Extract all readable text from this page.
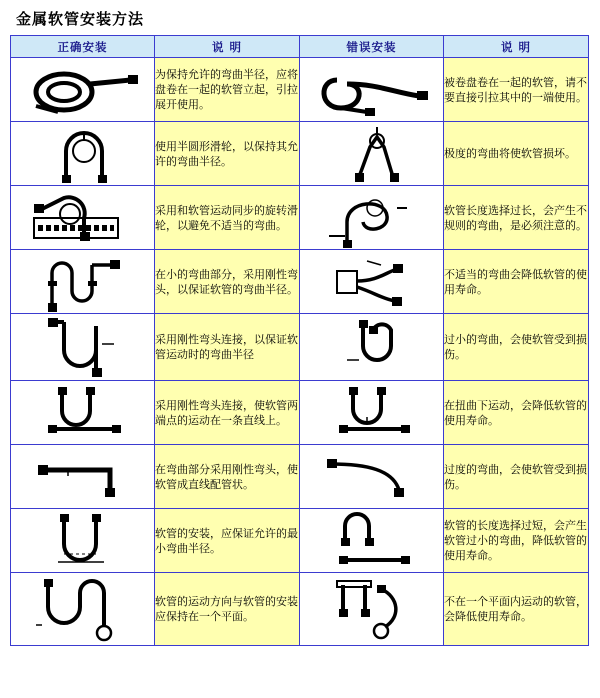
金属软管安装方法
正确安装	说 明	错误安装	说 明

	为保持允许的弯曲半径，应将盘卷在一起的软管立起，引拉展开使用。		被卷盘卷在一起的软管，请不要直接引拉其中的一端使用。

	使用半圆形滑轮，以保持其允许的弯曲半径。		极度的弯曲将使软管损坏。

	采用和软管运动同步的旋转滑轮，以避免不适当的弯曲。		软管长度选择过长，会产生不规则的弯曲，是必须注意的。

	在小的弯曲部分，采用刚性弯头，以保证软管的弯曲半径。		不适当的弯曲会降低软管的使用寿命。

	采用刚性弯头连接，以保证软管运动时的弯曲半径		过小的弯曲，会使软管受到损伤。

	采用刚性弯头连接，使软管两端点的运动在一条直线上。		在扭曲下运动，会降低软管的使用寿命。

	在弯曲部分采用刚性弯头，使软管成直线配管状。		过度的弯曲，会使软管受到损伤。

	软管的安装，应保证允许的最小弯曲半径。		软管的长度选择过短，会产生软管过小的弯曲，降低软管的使用寿命。

	软管的运动方向与软管的安装应保持在一个平面。		不在一个平面内运动的软管，会降低使用寿命。
